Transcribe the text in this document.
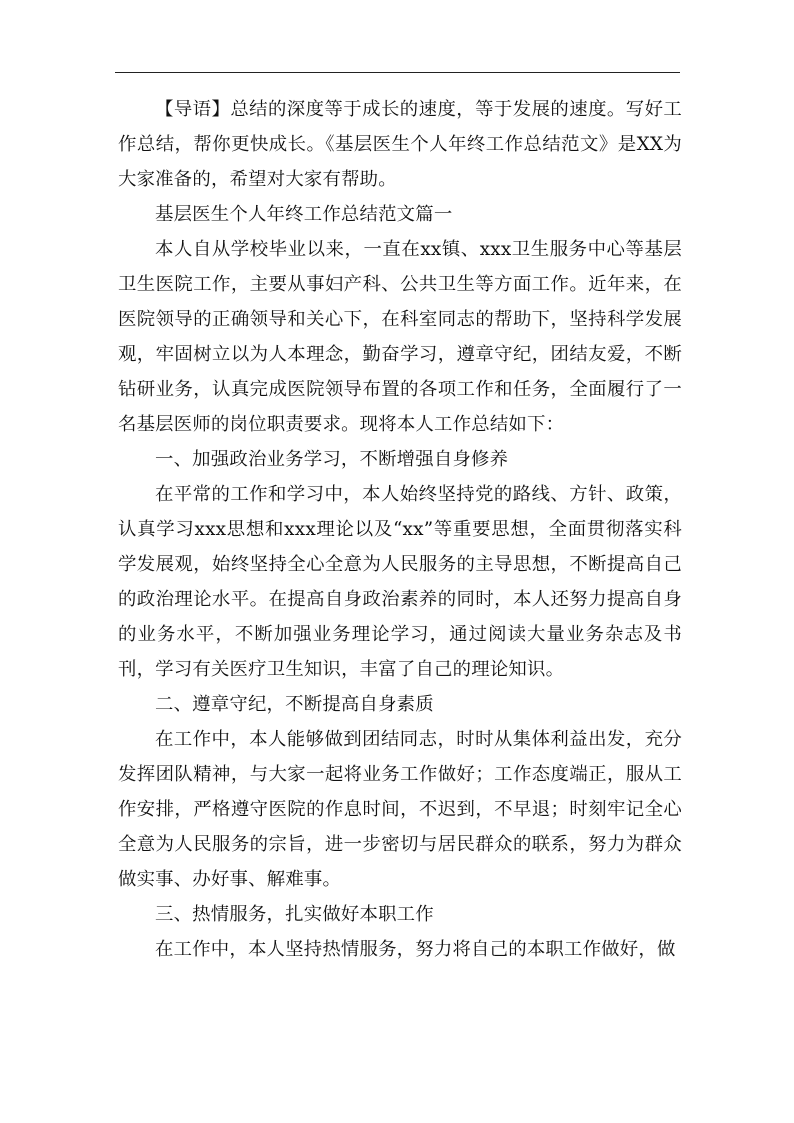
【导语】总结的深度等于成长的速度，等于发展的速度。写好工作总结，帮你更快成长。《基层医生个人年终工作总结范文》是XX为大家准备的，希望对大家有帮助。

基层医生个人年终工作总结范文篇一

本人自从学校毕业以来，一直在xx镇、xxx卫生服务中心等基层卫生医院工作，主要从事妇产科、公共卫生等方面工作。近年来，在医院领导的正确领导和关心下，在科室同志的帮助下，坚持科学发展观，牢固树立以为人本理念，勤奋学习，遵章守纪，团结友爱，不断钻研业务，认真完成医院领导布置的各项工作和任务，全面履行了一名基层医师的岗位职责要求。现将本人工作总结如下：

一、加强政治业务学习，不断增强自身修养

在平常的工作和学习中，本人始终坚持党的路线、方针、政策，认真学习xxx思想和xxx理论以及“xx”等重要思想，全面贯彻落实科学发展观，始终坚持全心全意为人民服务的主导思想，不断提高自己的政治理论水平。在提高自身政治素养的同时，本人还努力提高自身的业务水平，不断加强业务理论学习，通过阅读大量业务杂志及书刊，学习有关医疗卫生知识，丰富了自己的理论知识。

二、遵章守纪，不断提高自身素质

在工作中，本人能够做到团结同志，时时从集体利益出发，充分发挥团队精神，与大家一起将业务工作做好；工作态度端正，服从工作安排，严格遵守医院的作息时间，不迟到，不早退；时刻牢记全心全意为人民服务的宗旨，进一步密切与居民群众的联系，努力为群众做实事、办好事、解难事。

三、热情服务，扎实做好本职工作

在工作中，本人坚持热情服务，努力将自己的本职工作做好，做
